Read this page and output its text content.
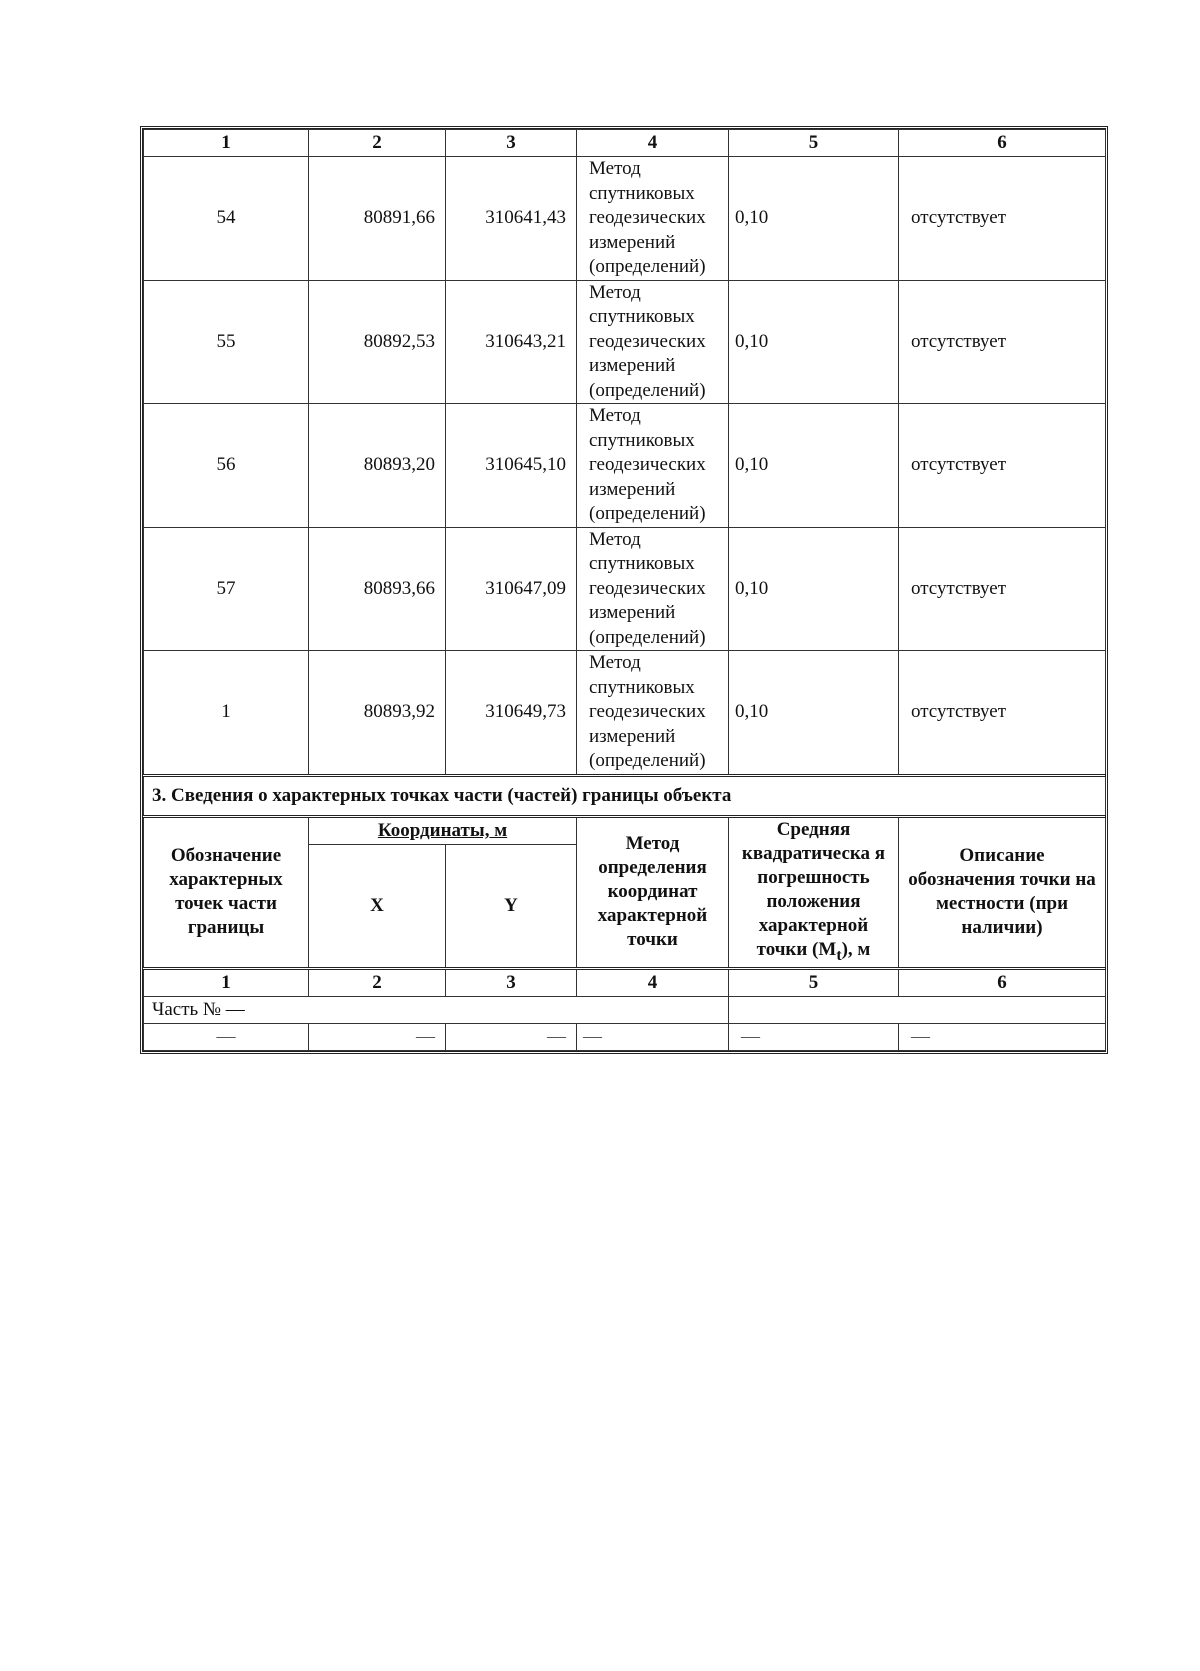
1	2	3	4	5	6
54	80891,66	310641,43	Метод
спутниковых
геодезических
измерений
(определений)	0,10	отсутствует
55	80892,53	310643,21	Метод
спутниковых
геодезических
измерений
(определений)	0,10	отсутствует
56	80893,20	310645,10	Метод
спутниковых
геодезических
измерений
(определений)	0,10	отсутствует
57	80893,66	310647,09	Метод
спутниковых
геодезических
измерений
(определений)	0,10	отсутствует
1	80893,92	310649,73	Метод
спутниковых
геодезических
измерений
(определений)	0,10	отсутствует
3. Сведения о характерных точках части (частей) границы объекта					
Обозначение характерных точек части границы	Координаты, м		Метод определения координат характерной точки	Средняя квадратическа я погрешность положения характерной точки $(M_t)$, м	Описание обозначения точки на местности (при наличии)
	X	Y			
1	2	3	4	5	6
Часть № —					
—	—	—	—	—	—
